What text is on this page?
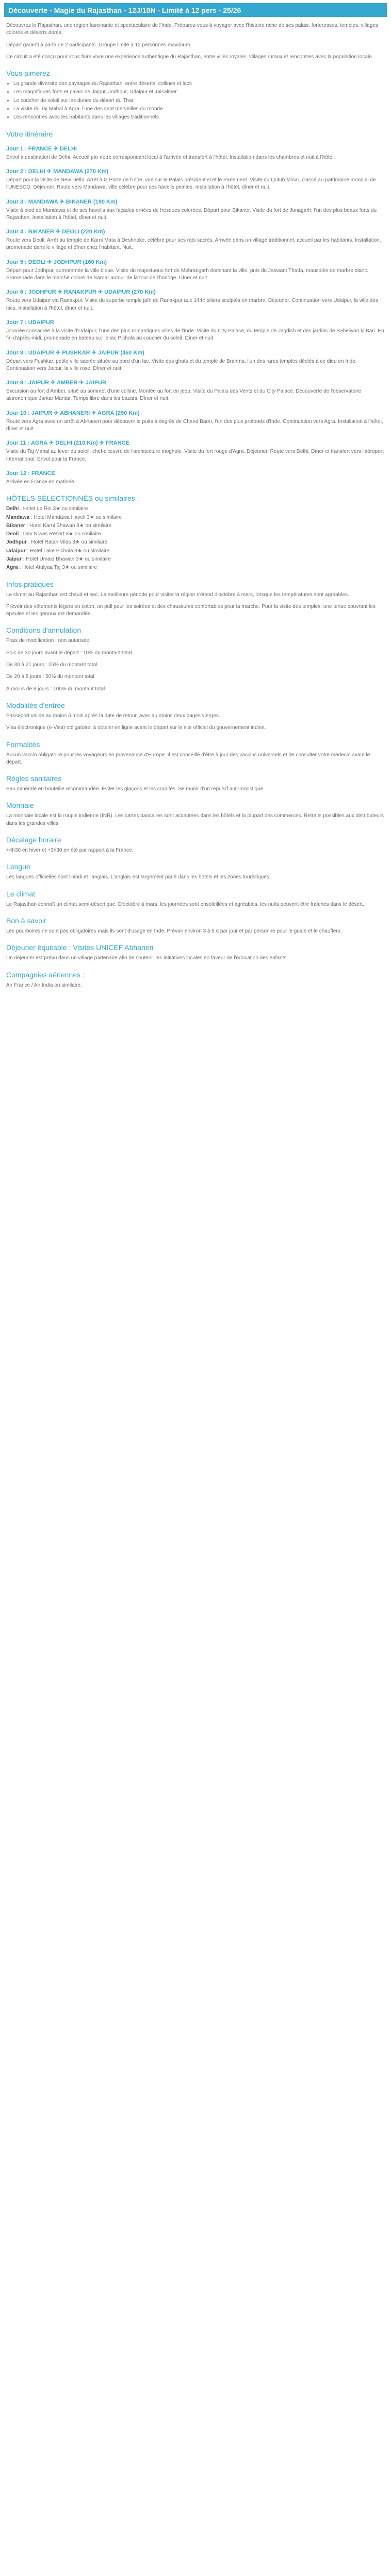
Découverte - Magie du Rajasthan - 12J/10N - Limité à 12 pers - 25/26

Découvrez le Rajasthan, une région fascinante et spectaculaire de l'Inde. Préparez-vous à voyager avec l'histoire riche de ses palais, forteresses, temples, villages colorés et déserts dorés.

Départ garanti à partir de 2 participants. Groupe limité à 12 personnes maximum.

Ce circuit a été conçu pour vous faire vivre une expérience authentique du Rajasthan, entre villes royales, villages ruraux et rencontres avec la population locale.

Vous aimerez
• La grande diversité des paysages du Rajasthan, entre déserts, collines et lacs
• Les magnifiques forts et palais de Jaipur, Jodhpur, Udaipur et Jaisalmer
• Le coucher de soleil sur les dunes du désert du Thar
• La visite du Taj Mahal à Agra, l'une des sept merveilles du monde
• Les rencontres avec les habitants dans les villages traditionnels
Votre itinéraire
Jour 1 : FRANCE ✈ DELHI

Envol à destination de Delhi. Accueil par notre correspondant local à l'arrivée et transfert à l'hôtel. Installation dans les chambres et nuit à l'hôtel.

Jour 2 : DELHI ✈ MANDAWA (270 Km)

Départ pour la visite de New Delhi. Arrêt à la Porte de l'Inde, vue sur le Palais présidentiel et le Parlement. Visite du Qutub Minar, classé au patrimoine mondial de l'UNESCO. Déjeuner. Route vers Mandawa, ville célèbre pour ses havelis peintes. Installation à l'hôtel, dîner et nuit.

Jour 3 : MANDAWA ✈ BIKANER (190 Km)

Visite à pied de Mandawa et de ses havelis aux façades ornées de fresques colorées. Départ pour Bikaner. Visite du fort de Junagarh, l'un des plus beaux forts du Rajasthan. Installation à l'hôtel, dîner et nuit.

Jour 4 : BIKANER ✈ DEOLI (220 Km)

Route vers Deoli. Arrêt au temple de Karni Mata à Deshnoke, célèbre pour ses rats sacrés. Arrivée dans un village traditionnel, accueil par les habitants. Installation, promenade dans le village et dîner chez l'habitant. Nuit.

Jour 5 : DEOLI ✈ JODHPUR (160 Km)

Départ pour Jodhpur, surnommée la ville bleue. Visite du majestueux fort de Mehrangarh dominant la ville, puis du Jaswant Thada, mausolée de marbre blanc. Promenade dans le marché coloré de Sardar autour de la tour de l'horloge. Dîner et nuit.

Jour 6 : JODHPUR ✈ RANAKPUR ✈ UDAIPUR (270 Km)

Route vers Udaipur via Ranakpur. Visite du superbe temple jaïn de Ranakpur aux 1444 piliers sculptés en marbre. Déjeuner. Continuation vers Udaipur, la ville des lacs. Installation à l'hôtel, dîner et nuit.

Jour 7 : UDAIPUR

Journée consacrée à la visite d'Udaipur, l'une des plus romantiques villes de l'Inde. Visite du City Palace, du temple de Jagdish et des jardins de Saheliyon ki Bari. En fin d'après-midi, promenade en bateau sur le lac Pichola au coucher du soleil. Dîner et nuit.

Jour 8 : UDAIPUR ✈ PUSHKAR ✈ JAIPUR (460 Km)

Départ vers Pushkar, petite ville sacrée située au bord d'un lac. Visite des ghats et du temple de Brahma, l'un des rares temples dédiés à ce dieu en Inde. Continuation vers Jaipur, la ville rose. Dîner et nuit.

Jour 9 : JAIPUR ✈ AMBER ✈ JAIPUR

Excursion au fort d'Amber, situé au sommet d'une colline. Montée au fort en jeep. Visite du Palais des Vents et du City Palace. Découverte de l'observatoire astronomique Jantar Mantar. Temps libre dans les bazars. Dîner et nuit.

Jour 10 : JAIPUR ✈ ABHANERI ✈ AGRA (250 Km)

Route vers Agra avec un arrêt à Abhaneri pour découvrir le puits à degrés de Chand Baori, l'un des plus profonds d'Inde. Continuation vers Agra. Installation à l'hôtel, dîner et nuit.

Jour 11 : AGRA ✈ DELHI (210 Km) ✈ FRANCE

Visite du Taj Mahal au lever du soleil, chef-d'œuvre de l'architecture moghole. Visite du fort rouge d'Agra. Déjeuner. Route vers Delhi. Dîner et transfert vers l'aéroport international. Envol pour la France.

Jour 12 : FRANCE

Arrivée en France en matinée.

HÔTELS SÉLECTIONNÉS ou similaires :
Delhi : Hotel Le Roi 3★ ou similaire
Mandawa : Hotel Mandawa Haveli 3★ ou similaire
Bikaner : Hotel Karni Bhawan 3★ ou similaire
Deoli : Dev Niwas Resort 3★ ou similaire
Jodhpur : Hotel Ratan Vilas 3★ ou similaire
Udaipur : Hotel Lake Pichola 3★ ou similaire
Jaipur : Hotel Umaid Bhawan 3★ ou similaire
Agra : Hotel Atulyaa Taj 3★ ou similaire
Infos pratiques

Le climat au Rajasthan est chaud et sec. La meilleure période pour visiter la région s'étend d'octobre à mars, lorsque les températures sont agréables.

Prévoir des vêtements légers en coton, un pull pour les soirées et des chaussures confortables pour la marche. Pour la visite des temples, une tenue couvrant les épaules et les genoux est demandée.

Conditions d'annulation

Frais de modification : non autorisée

Plus de 30 jours avant le départ : 10% du montant total

De 30 à 21 jours : 25% du montant total

De 20 à 8 jours : 50% du montant total

À moins de 8 jours : 100% du montant total

Modalités d'entrée

Passeport valide au moins 6 mois après la date de retour, avec au moins deux pages vierges.

Visa électronique (e-Visa) obligatoire, à obtenir en ligne avant le départ sur le site officiel du gouvernement indien.

Formalités

Aucun vaccin obligatoire pour les voyageurs en provenance d'Europe. Il est conseillé d'être à jour des vaccins universels et de consulter votre médecin avant le départ.

Règles sanitaires

Eau minérale en bouteille recommandée. Éviter les glaçons et les crudités. Se munir d'un répulsif anti-moustique.

Monnaie

La monnaie locale est la roupie indienne (INR). Les cartes bancaires sont acceptées dans les hôtels et la plupart des commerces. Retraits possibles aux distributeurs dans les grandes villes.

Décalage horaire

+4h30 en hiver et +3h30 en été par rapport à la France.

Langue

Les langues officielles sont l'hindi et l'anglais. L'anglais est largement parlé dans les hôtels et les zones touristiques.

Le climat

Le Rajasthan connaît un climat semi-désertique. D'octobre à mars, les journées sont ensoleillées et agréables, les nuits peuvent être fraîches dans le désert.

Bon à savoir

Les pourboires ne sont pas obligatoires mais ils sont d'usage en Inde. Prévoir environ 3 à 5 € par jour et par personne pour le guide et le chauffeur.

Déjeuner équitable : Visites UNICEF Abhaneri

Un déjeuner est prévu dans un village partenaire afin de soutenir les initiatives locales en faveur de l'éducation des enfants.

Compagnies aériennes :

Air France / Air India ou similaire.
